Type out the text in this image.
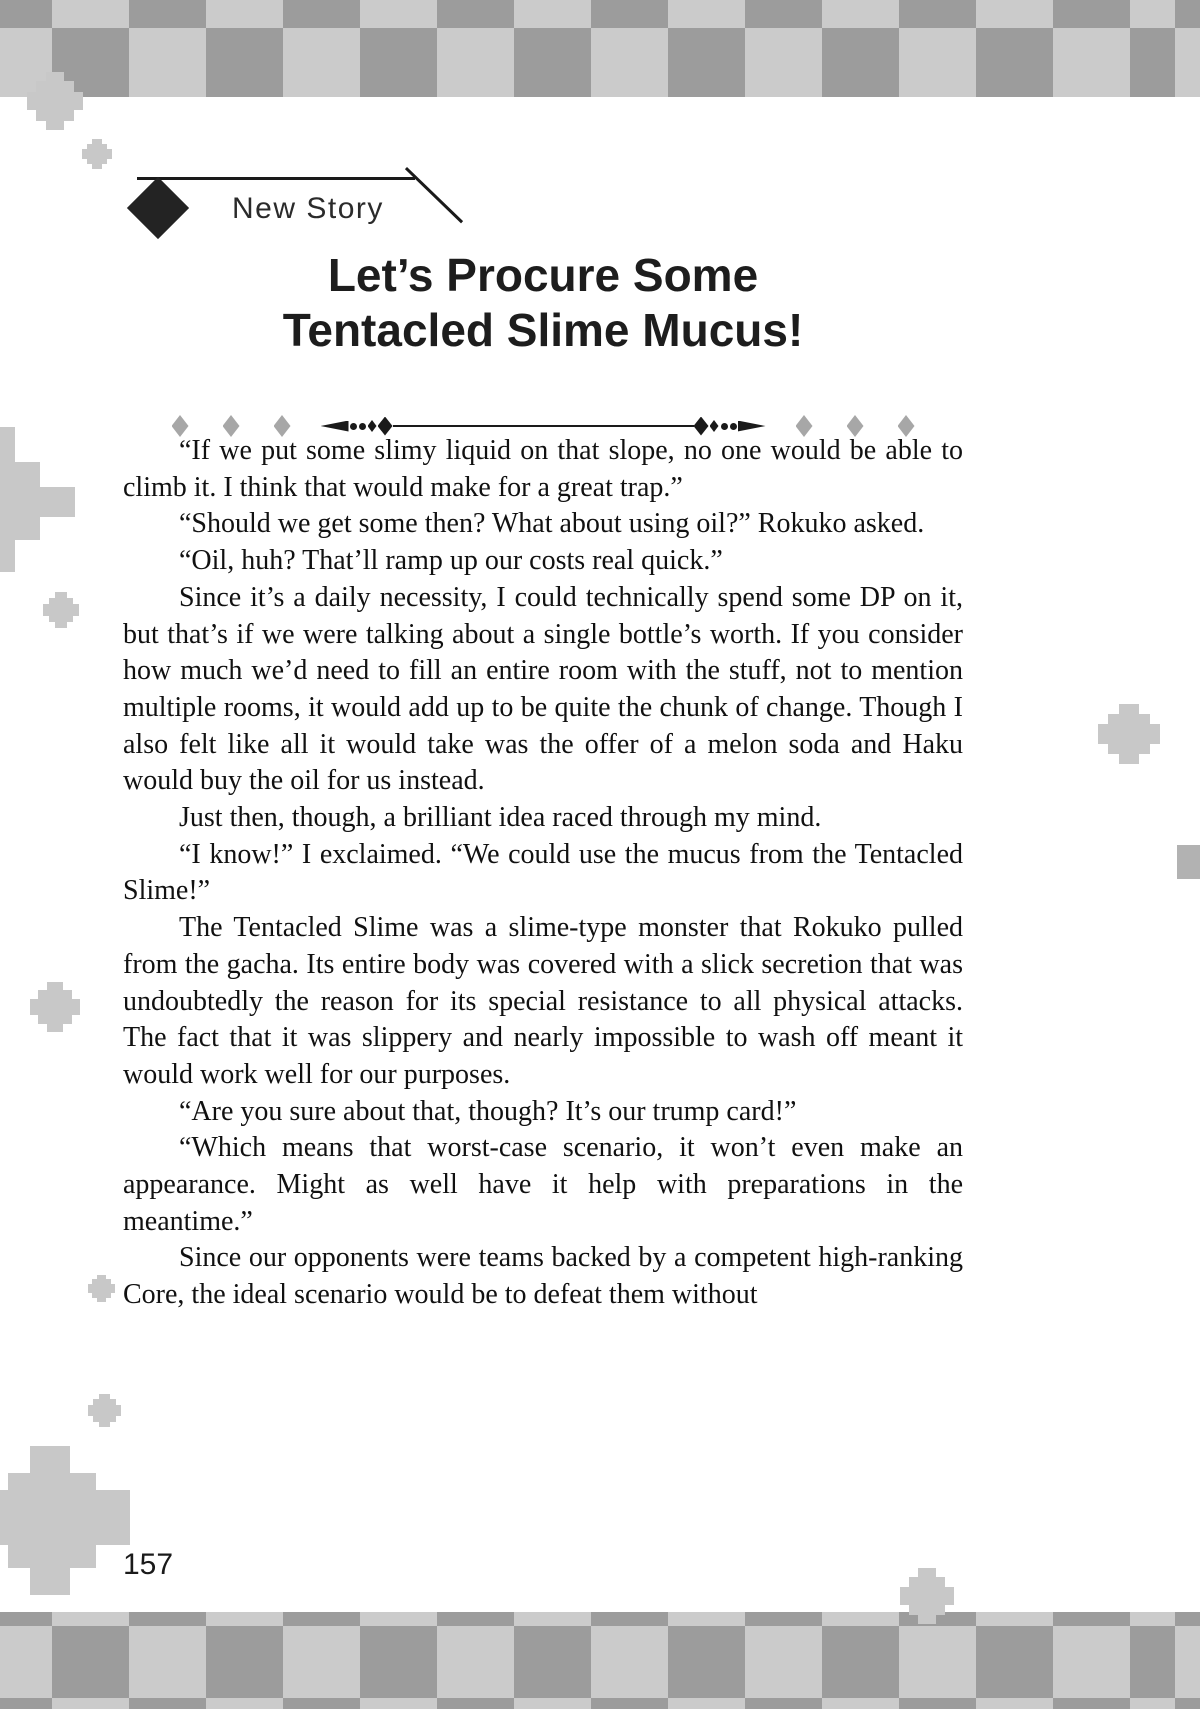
New Story
Let’s Procure Some
Tentacled Slime Mucus!

“If we put some slimy liquid on that slope, no one would be able to climb it. I think that would make for a great trap.”

“Should we get some then? What about using oil?” Rokuko asked.

“Oil, huh? That’ll ramp up our costs real quick.”

Since it’s a daily necessity, I could technically spend some DP on it, but that’s if we were talking about a single bottle’s worth. If you consider how much we’d need to fill an entire room with the stuff, not to mention multiple rooms, it would add up to be quite the chunk of change. Though I also felt like all it would take was the offer of a melon soda and Haku would buy the oil for us instead.

Just then, though, a brilliant idea raced through my mind.

“I know!” I exclaimed. “We could use the mucus from the Tentacled Slime!”

The Tentacled Slime was a slime-type monster that Rokuko pulled from the gacha. Its entire body was covered with a slick secretion that was undoubtedly the reason for its special resistance to all physical attacks. The fact that it was slippery and nearly impossible to wash off meant it would work well for our purposes.

“Are you sure about that, though? It’s our trump card!”

“Which means that worst-case scenario, it won’t even make an appearance. Might as well have it help with preparations in the meantime.”

Since our opponents were teams backed by a competent high-ranking Core, the ideal scenario would be to defeat them without

157
